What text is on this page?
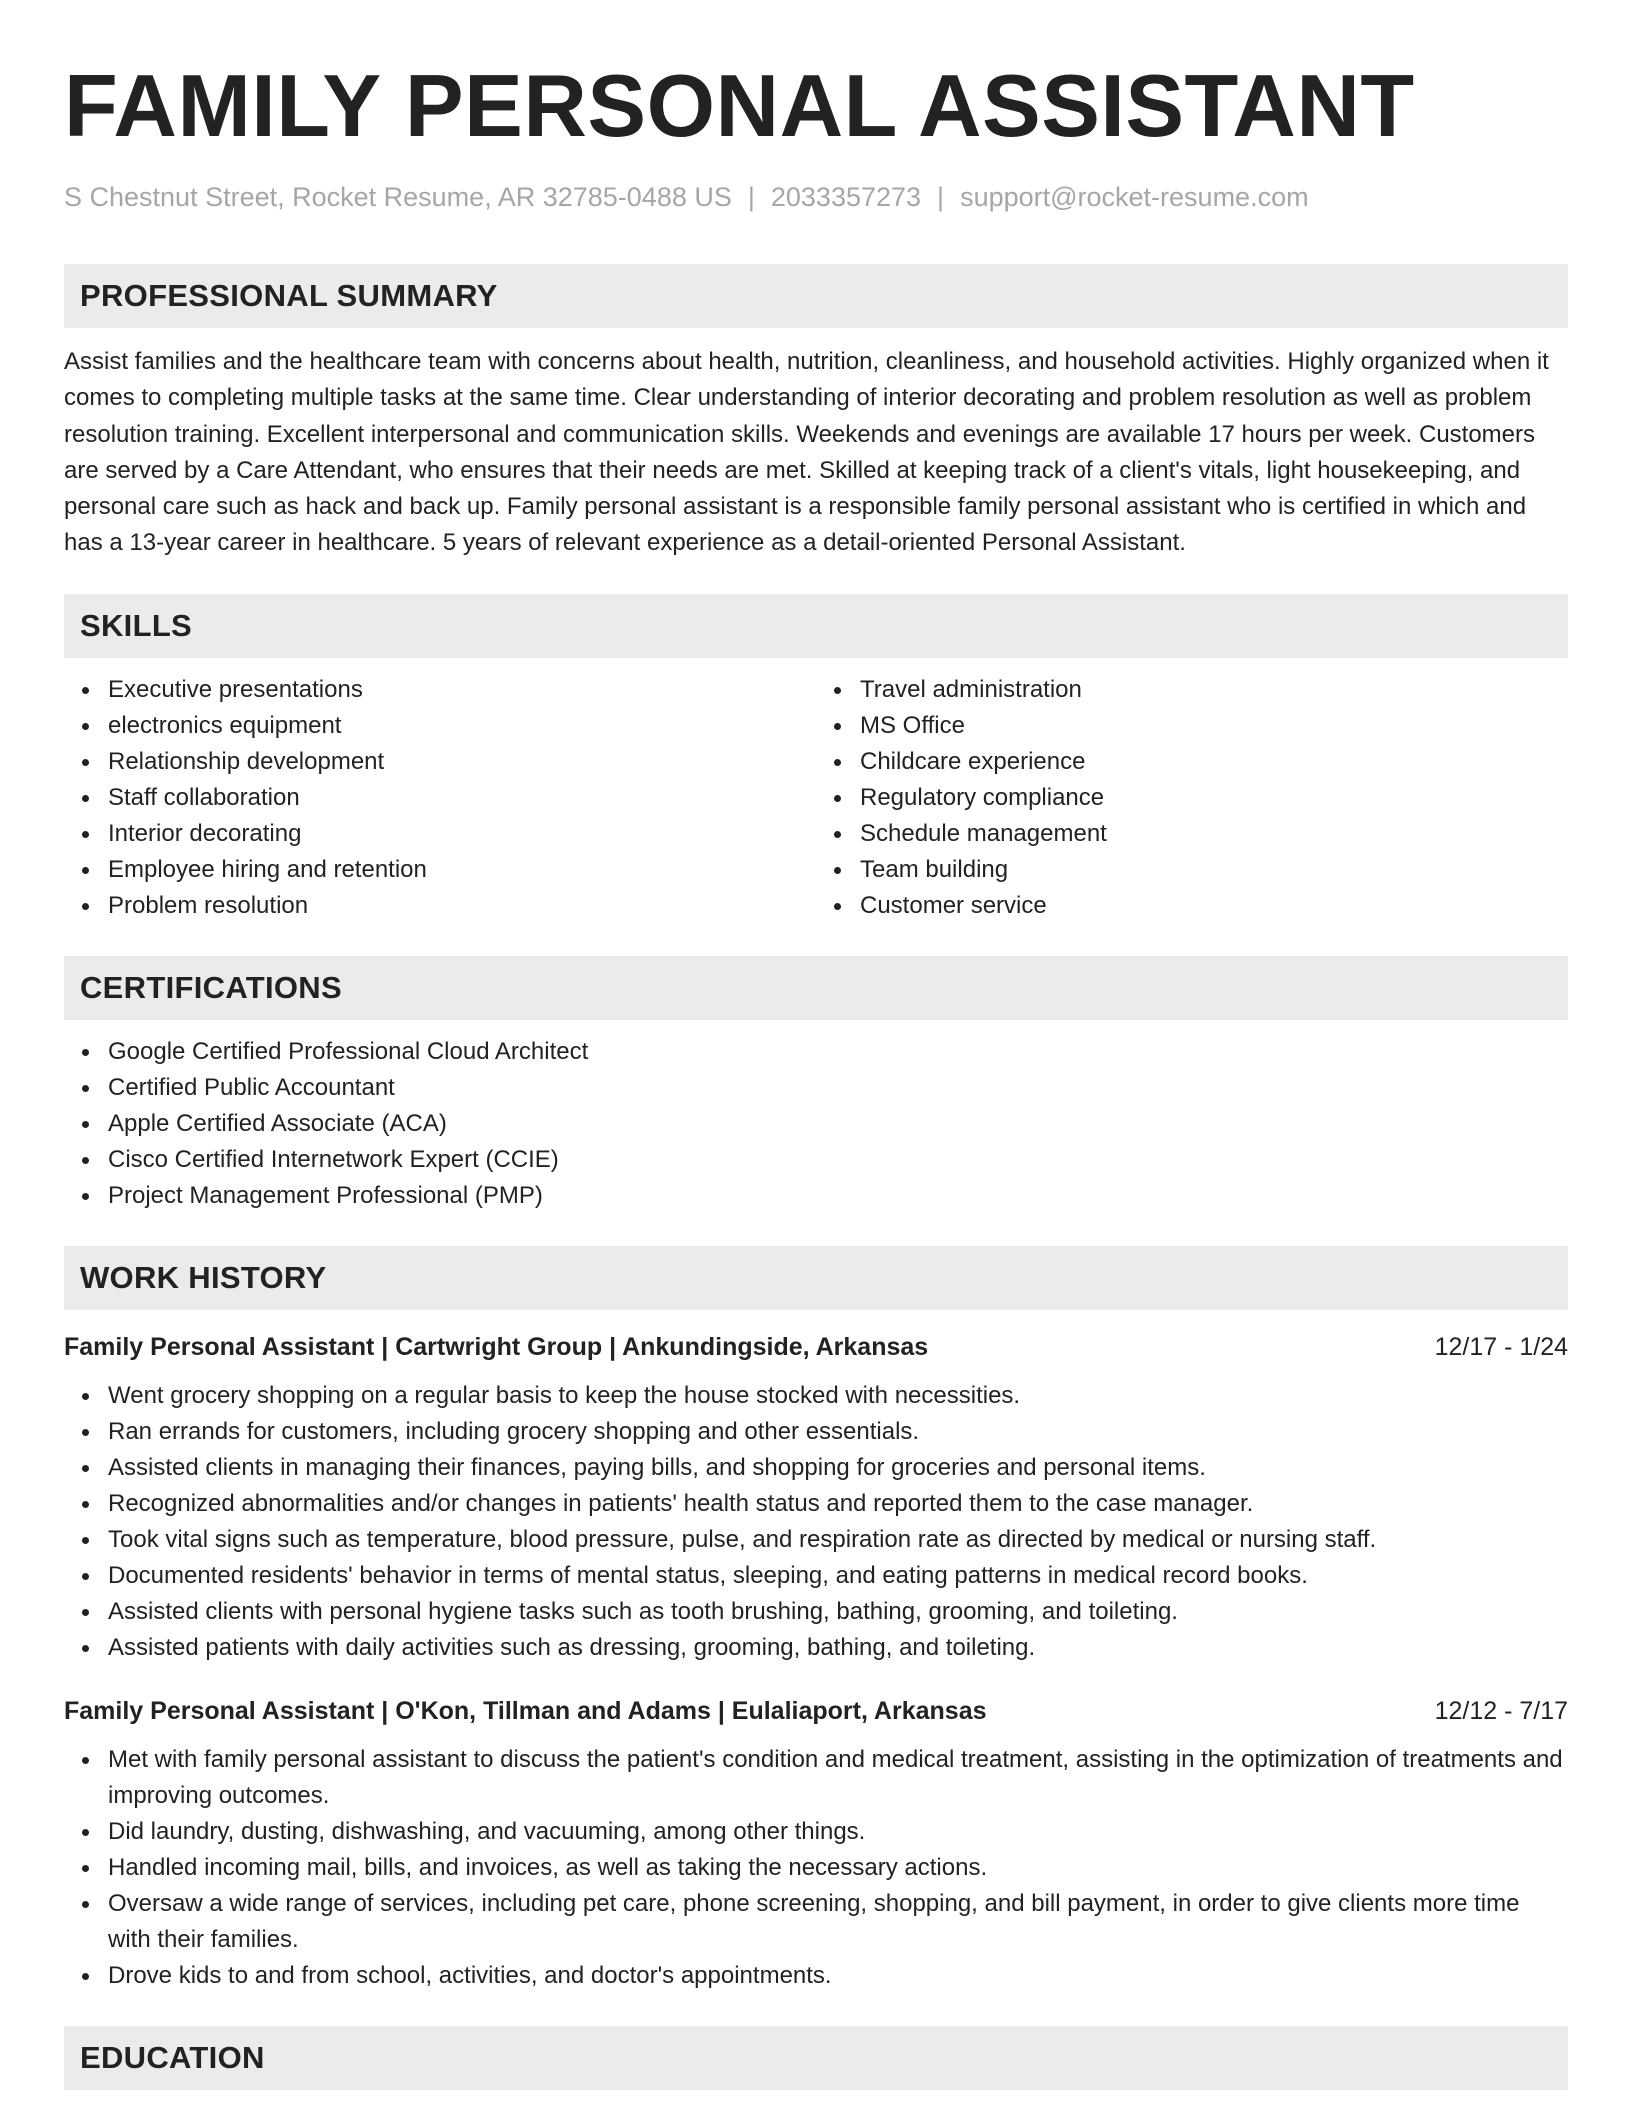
FAMILY PERSONAL ASSISTANT
S Chestnut Street, Rocket Resume, AR 32785-0488 US | 2033357273 | support@rocket-resume.com
PROFESSIONAL SUMMARY

Assist families and the healthcare team with concerns about health, nutrition, cleanliness, and household activities. Highly organized when it comes to completing multiple tasks at the same time. Clear understanding of interior decorating and problem resolution as well as problem resolution training. Excellent interpersonal and communication skills. Weekends and evenings are available 17 hours per week. Customers are served by a Care Attendant, who ensures that their needs are met. Skilled at keeping track of a client's vitals, light housekeeping, and personal care such as hack and back up. Family personal assistant is a responsible family personal assistant who is certified in which and has a 13-year career in healthcare. 5 years of relevant experience as a detail-oriented Personal Assistant.

SKILLS
Executive presentations
electronics equipment
Relationship development
Staff collaboration
Interior decorating
Employee hiring and retention
Problem resolution
Travel administration
MS Office
Childcare experience
Regulatory compliance
Schedule management
Team building
Customer service
CERTIFICATIONS
Google Certified Professional Cloud Architect
Certified Public Accountant
Apple Certified Associate (ACA)
Cisco Certified Internetwork Expert (CCIE)
Project Management Professional (PMP)
WORK HISTORY
Family Personal Assistant | Cartwright Group | Ankundingside, Arkansas	12/17 - 1/24
Went grocery shopping on a regular basis to keep the house stocked with necessities.
Ran errands for customers, including grocery shopping and other essentials.
Assisted clients in managing their finances, paying bills, and shopping for groceries and personal items.
Recognized abnormalities and/or changes in patients' health status and reported them to the case manager.
Took vital signs such as temperature, blood pressure, pulse, and respiration rate as directed by medical or nursing staff.
Documented residents' behavior in terms of mental status, sleeping, and eating patterns in medical record books.
Assisted clients with personal hygiene tasks such as tooth brushing, bathing, grooming, and toileting.
Assisted patients with daily activities such as dressing, grooming, bathing, and toileting.
Family Personal Assistant | O'Kon, Tillman and Adams | Eulaliaport, Arkansas	12/12 - 7/17
Met with family personal assistant to discuss the patient's condition and medical treatment, assisting in the optimization of treatments and improving outcomes.
Did laundry, dusting, dishwashing, and vacuuming, among other things.
Handled incoming mail, bills, and invoices, as well as taking the necessary actions.
Oversaw a wide range of services, including pet care, phone screening, shopping, and bill payment, in order to give clients more time with their families.
Drove kids to and from school, activities, and doctor's appointments.
EDUCATION
